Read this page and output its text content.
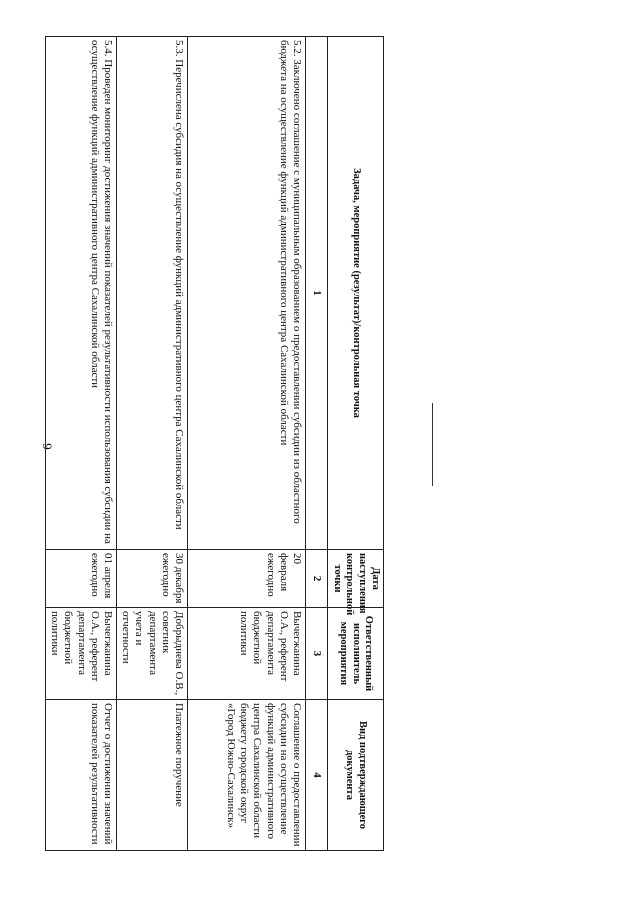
9
Задача, мероприятие (результат)/контрольная точка	Дата наступления контрольной точки	Ответственный исполнитель мероприятия	Вид подтверждающего документа
1	2	3	4
5.2. Заключено соглашение с муниципальным образованием о предоставлении субсидии из областного бюджета на осуществление функций административного центра Сахалинской области	20 февраля ежегодно	Вычегжанина О.А., референт департамента бюджетной политики	Соглашение о предоставлении субсидии на осуществление функций административного центра Сахалинской области бюджету городской округ «Город Южно-Сахалинск»
5.3. Перечислена субсидия на осуществление функций административного центра Сахалинской области	30 декабря ежегодно	Добрыднева О.В., советник департамента учета и отчетности	Платежное поручение
5.4. Проведен мониторинг достижения значений показателей результативности использования субсидии на осуществление функций административного центра Сахалинской области	01 апреля ежегодно	Вычегжанина О.А., референт департамента бюджетной политики	Отчет о достижении значений показателей результативности
